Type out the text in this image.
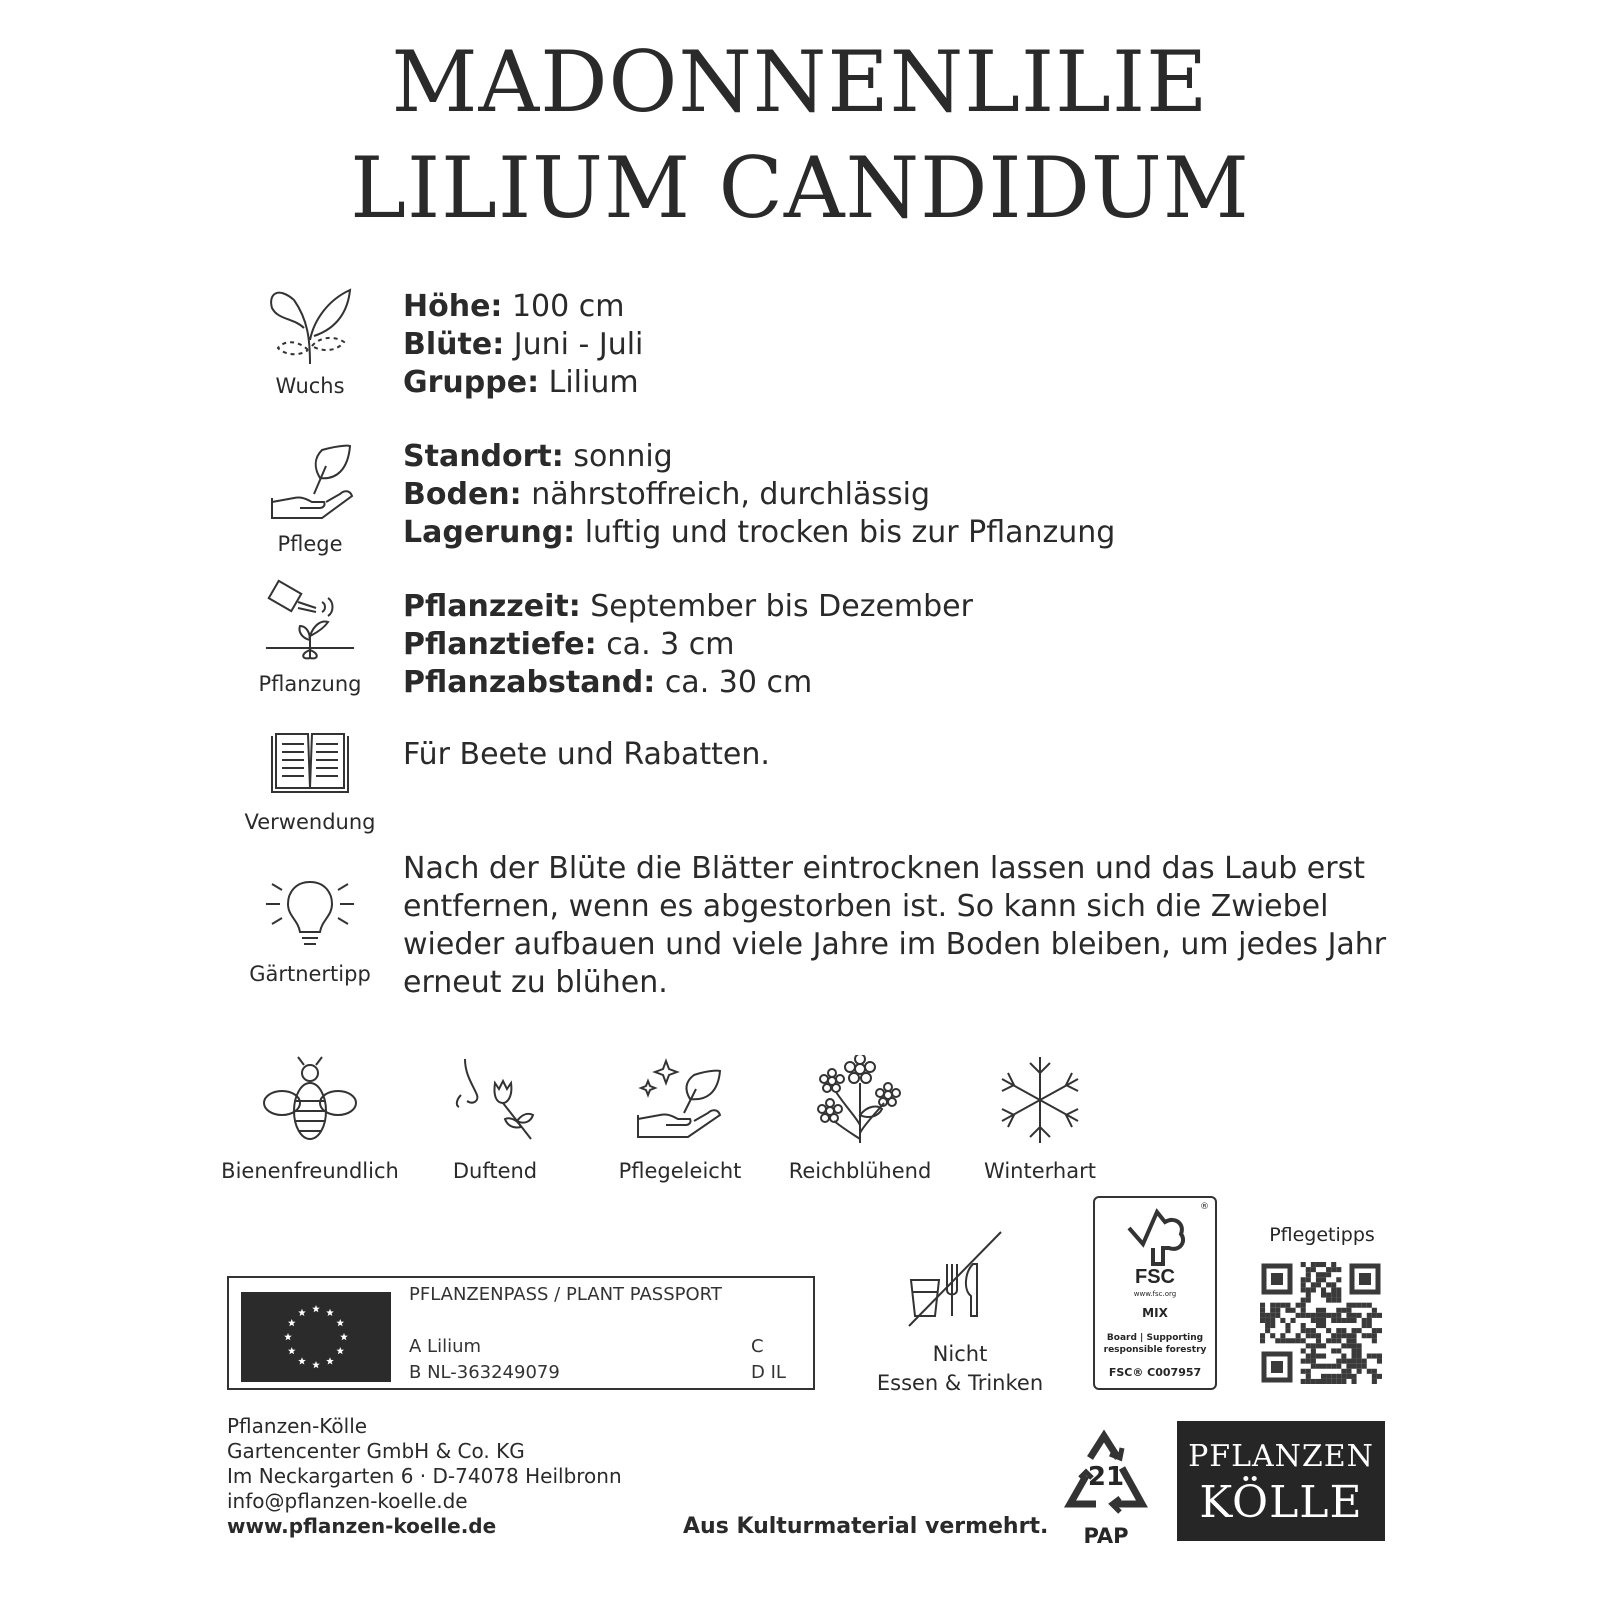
MADONNENLILIE
LILIUM CANDIDUM
Wuchs
Höhe: 100 cm
Blüte: Juni - Juli
Gruppe: Lilium
Pflege
Standort: sonnig
Boden: nährstoffreich, durchlässig
Lagerung: luftig und trocken bis zur Pflanzung
Pflanzung
Pflanzzeit: September bis Dezember
Pflanztiefe: ca. 3 cm
Pflanzabstand: ca. 30 cm
Verwendung
Für Beete und Rabatten.
Gärtnertipp
Nach der Blüte die Blätter eintrocknen lassen und das Laub erst
entfernen, wenn es abgestorben ist. So kann sich die Zwiebel
wieder aufbauen und viele Jahre im Boden bleiben, um jedes Jahr
erneut zu blühen.
Bienenfreundlich	Duftend	Pflegeleicht	Reichblühend	Winterhart
PFLANZENPASS / PLANT PASSPORT
A Lilium
B NL-363249079
C
D IL
Nicht
Essen & Trinken
®
FSC
www.fsc.org
MIX
Board | Supporting
responsible forestry
FSC® C007957
Pflegetipps
Pflanzen-Kölle
Gartencenter GmbH & Co. KG
Im Neckargarten 6 · D-74078 Heilbronn
info@pflanzen-koelle.de
www.pflanzen-koelle.de	Aus Kulturmaterial vermehrt.
21
PAP
PFLANZEN
KÖLLE
